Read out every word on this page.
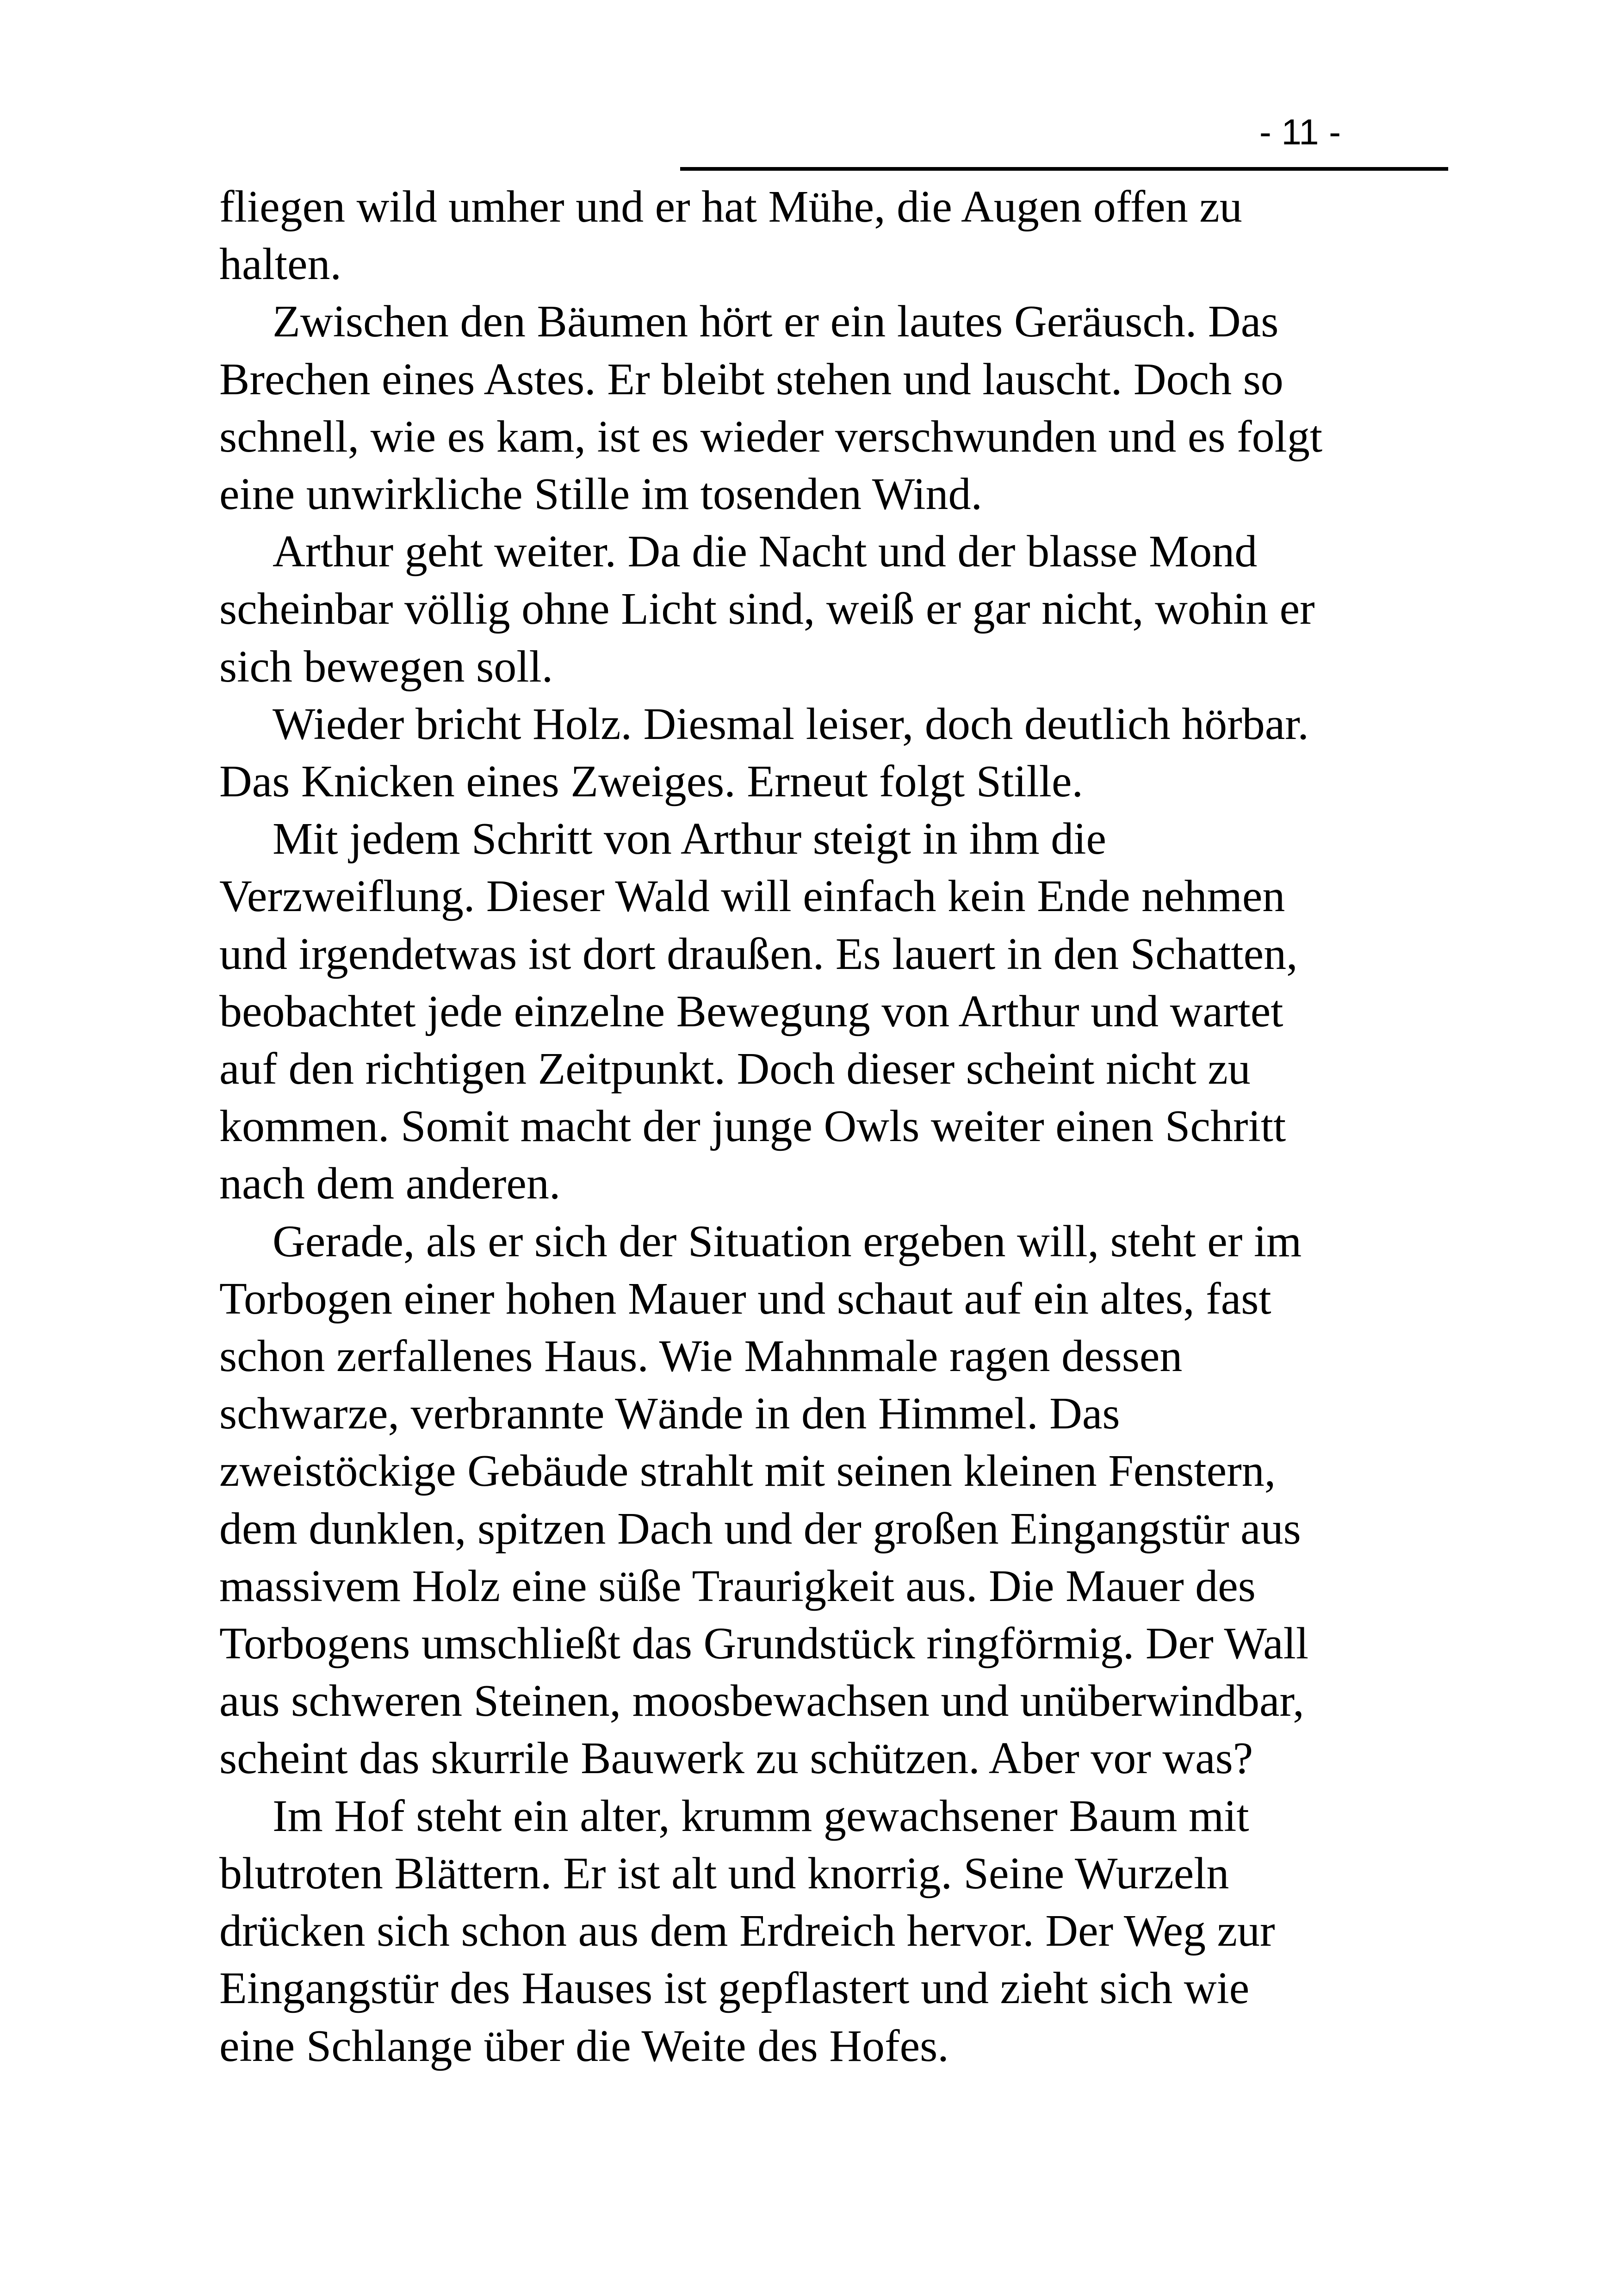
- 11 -

fliegen wild umher und er hat Mühe, die Augen offen zu
halten.

Zwischen den Bäumen hört er ein lautes Geräusch. Das
Brechen eines Astes. Er bleibt stehen und lauscht. Doch so
schnell, wie es kam, ist es wieder verschwunden und es folgt
eine unwirkliche Stille im tosenden Wind.

Arthur geht weiter. Da die Nacht und der blasse Mond
scheinbar völlig ohne Licht sind, weiß er gar nicht, wohin er
sich bewegen soll.

Wieder bricht Holz. Diesmal leiser, doch deutlich hörbar.
Das Knicken eines Zweiges. Erneut folgt Stille.

Mit jedem Schritt von Arthur steigt in ihm die
Verzweiflung. Dieser Wald will einfach kein Ende nehmen
und irgendetwas ist dort draußen. Es lauert in den Schatten,
beobachtet jede einzelne Bewegung von Arthur und wartet
auf den richtigen Zeitpunkt. Doch dieser scheint nicht zu
kommen. Somit macht der junge Owls weiter einen Schritt
nach dem anderen.

Gerade, als er sich der Situation ergeben will, steht er im
Torbogen einer hohen Mauer und schaut auf ein altes, fast
schon zerfallenes Haus. Wie Mahnmale ragen dessen
schwarze, verbrannte Wände in den Himmel. Das
zweistöckige Gebäude strahlt mit seinen kleinen Fenstern,
dem dunklen, spitzen Dach und der großen Eingangstür aus
massivem Holz eine süße Traurigkeit aus. Die Mauer des
Torbogens umschließt das Grundstück ringförmig. Der Wall
aus schweren Steinen, moosbewachsen und unüberwindbar,
scheint das skurrile Bauwerk zu schützen. Aber vor was?

Im Hof steht ein alter, krumm gewachsener Baum mit
blutroten Blättern. Er ist alt und knorrig. Seine Wurzeln
drücken sich schon aus dem Erdreich hervor. Der Weg zur
Eingangstür des Hauses ist gepflastert und zieht sich wie
eine Schlange über die Weite des Hofes.
